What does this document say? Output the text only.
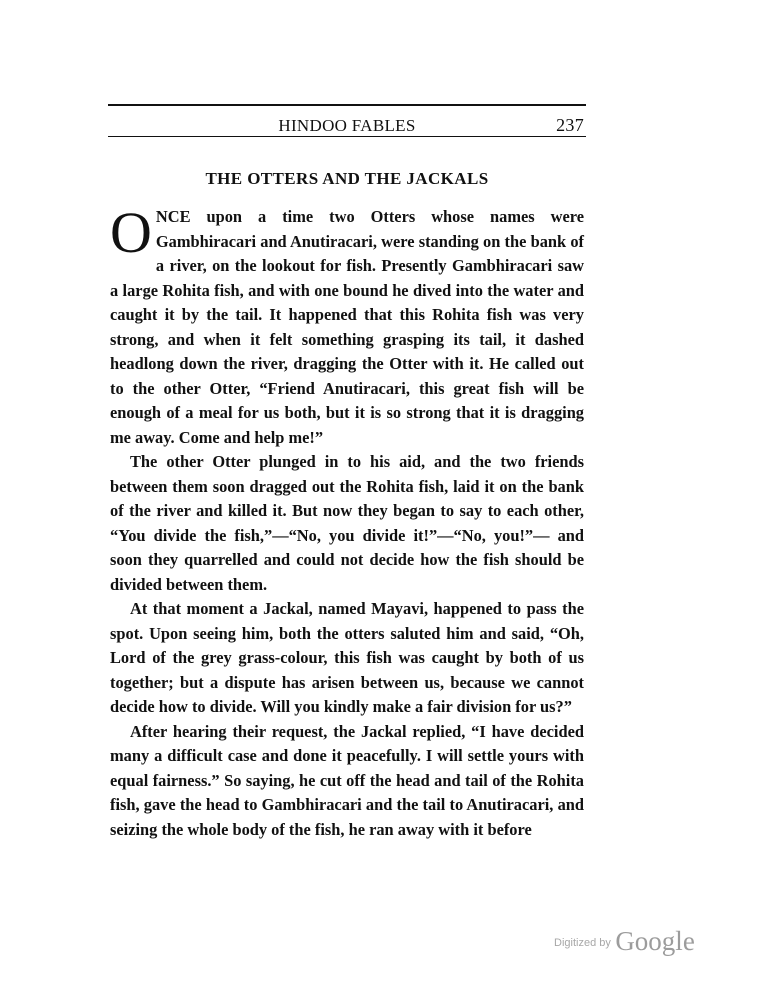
HINDOO FABLES	237
THE OTTERS AND THE JACKALS

ONCE upon a time two Otters whose names were Gambhiracari and Anutiracari, were standing on the bank of a river, on the lookout for fish. Presently Gambhiracari saw a large Rohita fish, and with one bound he dived into the water and caught it by the tail. It happened that this Rohita fish was very strong, and when it felt something grasping its tail, it dashed headlong down the river, dragging the Otter with it. He called out to the other Otter, “Friend Anutiracari, this great fish will be enough of a meal for us both, but it is so strong that it is dragging me away. Come and help me!”

The other Otter plunged in to his aid, and the two friends between them soon dragged out the Rohita fish, laid it on the bank of the river and killed it. But now they began to say to each other, “You divide the fish,”—“No, you divide it!”—“No, you!”— and soon they quarrelled and could not decide how the fish should be divided between them.

At that moment a Jackal, named Mayavi, happened to pass the spot. Upon seeing him, both the otters saluted him and said, “Oh, Lord of the grey grass-colour, this fish was caught by both of us together; but a dispute has arisen between us, because we cannot decide how to divide. Will you kindly make a fair division for us?”

After hearing their request, the Jackal replied, “I have decided many a difficult case and done it peacefully. I will settle yours with equal fairness.” So saying, he cut off the head and tail of the Rohita fish, gave the head to Gambhiracari and the tail to Anutiracari, and seizing the whole body of the fish, he ran away with it before

$^{Digitized by}$ Google
